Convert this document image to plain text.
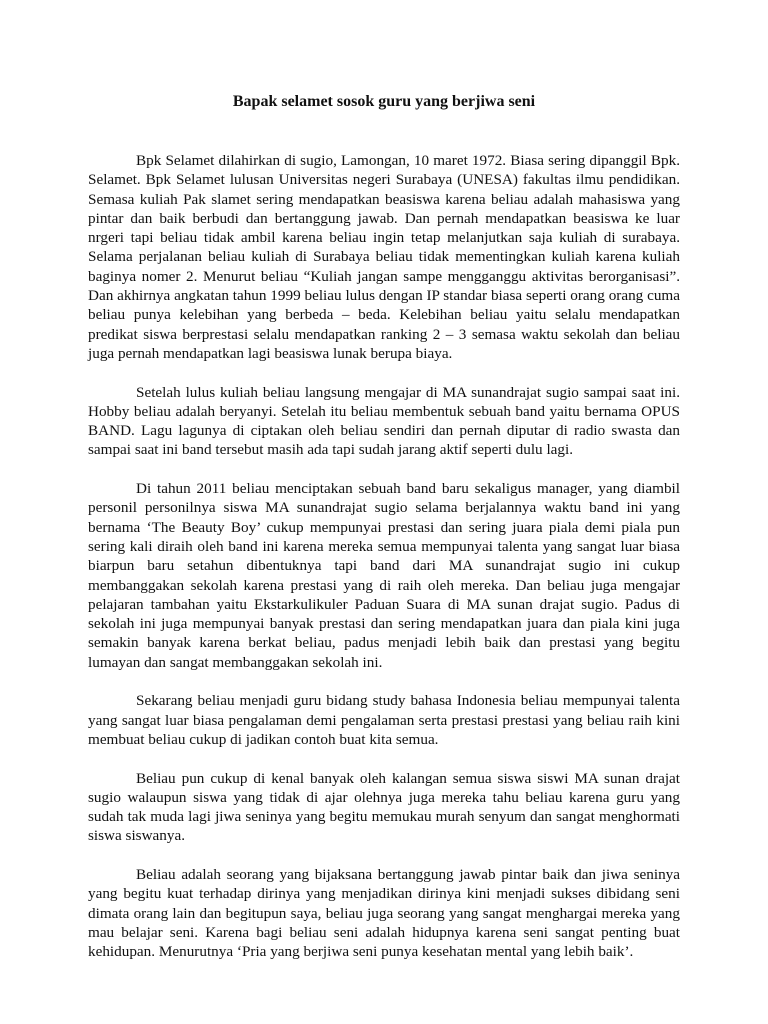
Bapak selamet sosok guru yang berjiwa seni

Bpk Selamet dilahirkan di sugio, Lamongan, 10 maret 1972. Biasa sering dipanggil Bpk. Selamet. Bpk Selamet lulusan Universitas negeri Surabaya (UNESA) fakultas ilmu pendidikan. Semasa kuliah Pak slamet sering mendapatkan beasiswa karena beliau adalah mahasiswa yang pintar dan baik berbudi dan bertanggung jawab. Dan pernah mendapatkan beasiswa ke luar nrgeri tapi beliau tidak ambil karena beliau ingin tetap melanjutkan saja kuliah di surabaya. Selama perjalanan beliau kuliah di Surabaya beliau tidak mementingkan kuliah karena kuliah baginya nomer 2. Menurut beliau “Kuliah jangan sampe mengganggu aktivitas berorganisasi”. Dan akhirnya angkatan tahun 1999 beliau lulus dengan IP standar biasa seperti orang orang cuma beliau punya kelebihan yang berbeda – beda. Kelebihan beliau yaitu selalu mendapatkan predikat siswa berprestasi selalu mendapatkan ranking 2 – 3 semasa waktu sekolah dan beliau juga pernah mendapatkan lagi beasiswa lunak berupa biaya.

Setelah lulus kuliah beliau langsung mengajar di MA sunandrajat sugio sampai saat ini. Hobby beliau adalah beryanyi. Setelah itu beliau membentuk sebuah band yaitu bernama OPUS BAND. Lagu lagunya di ciptakan oleh beliau sendiri dan pernah diputar di radio swasta dan sampai saat ini band tersebut masih ada tapi sudah jarang aktif seperti dulu lagi.

Di tahun 2011 beliau menciptakan sebuah band baru sekaligus manager, yang diambil personil personilnya siswa MA sunandrajat sugio selama berjalannya waktu band ini yang bernama ‘The Beauty Boy’ cukup mempunyai prestasi dan sering juara piala demi piala pun sering kali diraih oleh band ini karena mereka semua mempunyai talenta yang sangat luar biasa biarpun baru setahun dibentuknya tapi band dari MA sunandrajat sugio ini cukup membanggakan sekolah karena prestasi yang di raih oleh mereka. Dan beliau juga mengajar pelajaran tambahan yaitu Ekstarkulikuler Paduan Suara di MA sunan drajat sugio. Padus di sekolah ini juga mempunyai banyak prestasi dan sering mendapatkan juara dan piala kini juga semakin banyak karena berkat beliau, padus menjadi lebih baik dan prestasi yang begitu lumayan dan sangat membanggakan sekolah ini.

Sekarang beliau menjadi guru bidang study bahasa Indonesia beliau mempunyai talenta yang sangat luar biasa pengalaman demi pengalaman serta prestasi prestasi yang beliau raih kini membuat beliau cukup di jadikan contoh buat kita semua.

Beliau pun cukup di kenal banyak oleh kalangan semua siswa siswi MA sunan drajat sugio walaupun siswa yang tidak di ajar olehnya juga mereka tahu beliau karena guru yang sudah tak muda lagi jiwa seninya yang begitu memukau murah senyum dan sangat menghormati siswa siswanya.

Beliau adalah seorang yang bijaksana bertanggung jawab pintar baik dan jiwa seninya yang begitu kuat terhadap dirinya yang menjadikan dirinya kini menjadi sukses dibidang seni dimata orang lain dan begitupun saya, beliau juga seorang yang sangat menghargai mereka yang mau belajar seni. Karena bagi beliau seni adalah hidupnya karena seni sangat penting buat kehidupan. Menurutnya ‘Pria yang berjiwa seni punya kesehatan mental yang lebih baik’.
